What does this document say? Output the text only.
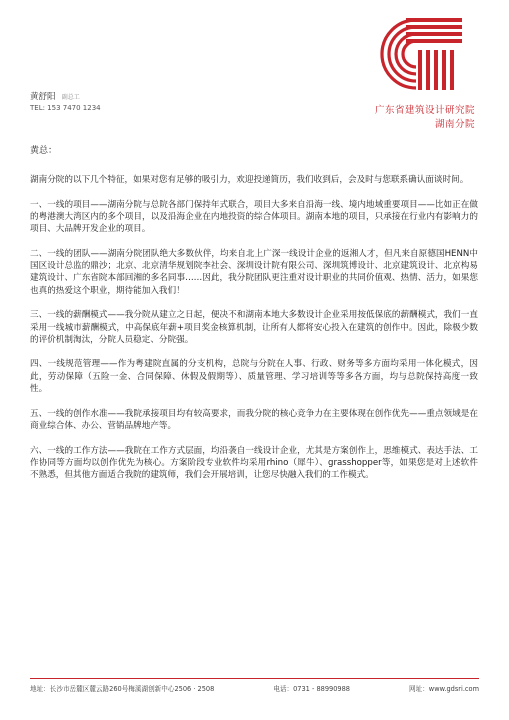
广东省建筑设计研究院
湖南分院
黄舒阳 副总工
TEL: 153 7470 1234
黄总：

湖南分院的以下几个特征，如果对您有足够的吸引力，欢迎投递简历，我们收到后，会及时与您联系确认面谈时间。

一、一线的项目——湖南分院与总院各部门保持年式联合，项目大多来自沿海一线、境内地域重要项目——比如正在做的粤港澳大湾区内的多个项目，以及沿海企业在内地投资的综合体项目。湖南本地的项目，只承接在行业内有影响力的项目、大品牌开发企业的项目。

二、一线的团队——湖南分院团队绝大多数伙伴，均来自北上广深一线设计企业的返湘人才，但凡来自原德国HENN中国区设计总监的鼎沙；北京、北京清华规划院李社会、深圳设计院有限公司、深圳筑博设计、北京建筑设计、北京构易建筑设计、广东省院本部回湘的多名同事……因此，我分院团队更注重对设计职业的共同价值观、热情、活力，如果您也真的热爱这个职业，期待能加入我们！

三、一线的薪酬模式——我分院从建立之日起，便决不和湖南本地大多数设计企业采用按低保底的薪酬模式，我们一直采用一线城市薪酬模式，中高保底年薪+项目奖金核算机制，让所有人都将安心投入在建筑的创作中。因此，除极少数的评价机制淘汰，分院人员稳定、分院强。

四、一线规范管理——作为粤建院直属的分支机构，总院与分院在人事、行政、财务等多方面均采用一体化模式，因此，劳动保障（五险一金、合同保障、休假及假期等）、质量管理、学习培训等等多各方面，均与总院保持高度一致性。

五、一线的创作水准——我院承接项目均有较高要求，而我分院的核心竞争力在主要体现在创作优先——重点领域是在商业综合体、办公、营销品牌地产等。

六、一线的工作方法——我院在工作方式层面，均沿袭自一线设计企业，尤其是方案创作上，思维模式、表达手法、工作协同等方面均以创作优先为核心。方案阶段专业软件均采用rhino（犀牛）、grasshopper等，如果您是对上述软件不熟悉，但其他方面适合我院的建筑师，我们会开展培训，让您尽快融入我们的工作模式。

地址：长沙市岳麓区麓云路260号梅溪湖创新中心2506 · 2508	电话：0731 - 88990988	网址：www.gdsri.com
